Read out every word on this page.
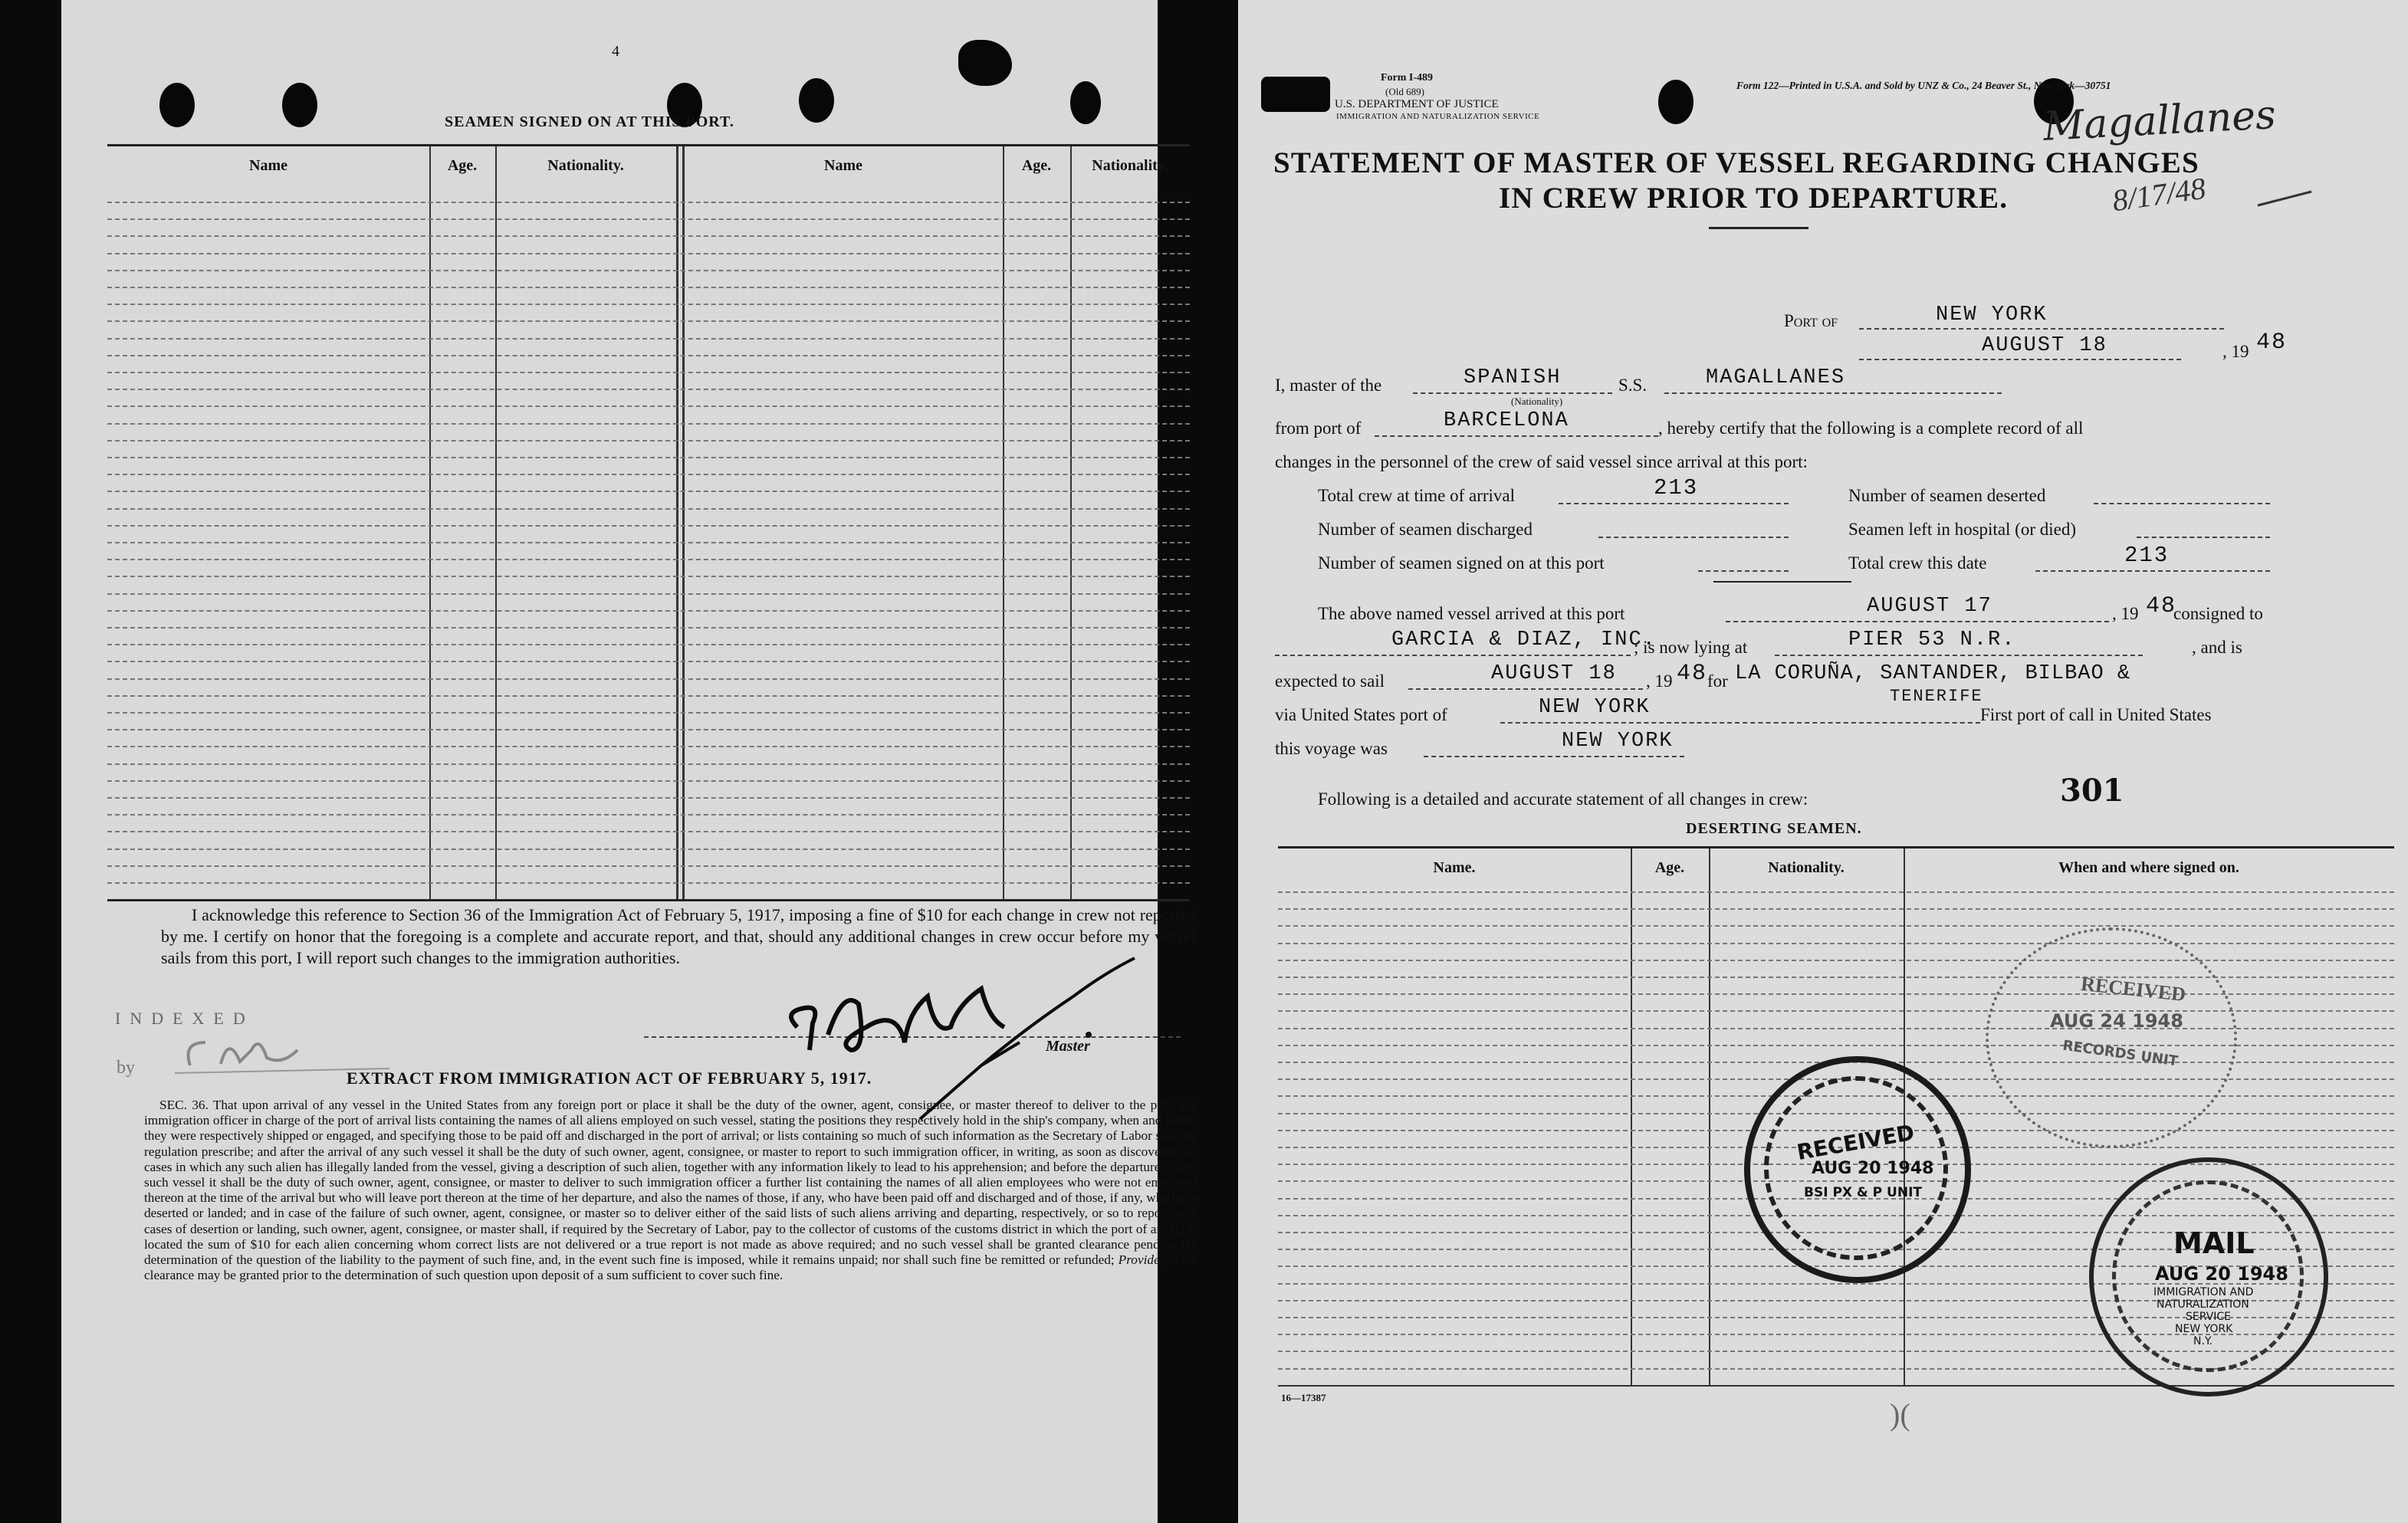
4
SEAMEN SIGNED ON AT THIS PORT.
Name	Age.	Nationality.	Name	Age.	Nationality.

I acknowledge this reference to Section 36 of the Immigration Act of February 5, 1917, imposing a fine of $10 for each change in crew not reported by me. I certify on honor that the foregoing is a complete and accurate report, and that, should any additional changes in crew occur before my vessel sails from this port, I will report such changes to the immigration authorities.

INDEXED
by
Master
EXTRACT FROM IMMIGRATION ACT OF FEBRUARY 5, 1917.

SEC. 36. That upon arrival of any vessel in the United States from any foreign port or place it shall be the duty of the owner, agent, consignee, or master thereof to deliver to the principal immigration officer in charge of the port of arrival lists containing the names of all aliens employed on such vessel, stating the positions they respectively hold in the ship's company, when and where they were respectively shipped or engaged, and specifying those to be paid off and discharged in the port of arrival; or lists containing so much of such information as the Secretary of Labor shall by regulation prescribe; and after the arrival of any such vessel it shall be the duty of such owner, agent, consignee, or master to report to such immigration officer, in writing, as soon as discovered, all cases in which any such alien has illegally landed from the vessel, giving a description of such alien, together with any information likely to lead to his apprehension; and before the departure of any such vessel it shall be the duty of such owner, agent, consignee, or master to deliver to such immigration officer a further list containing the names of all alien employees who were not employed thereon at the time of the arrival but who will leave port thereon at the time of her departure, and also the names of those, if any, who have been paid off and discharged and of those, if any, who have deserted or landed; and in case of the failure of such owner, agent, consignee, or master so to deliver either of the said lists of such aliens arriving and departing, respectively, or so to report such cases of desertion or landing, such owner, agent, consignee, or master shall, if required by the Secretary of Labor, pay to the collector of customs of the customs district in which the port of arrival is located the sum of $10 for each alien concerning whom correct lists are not delivered or a true report is not made as above required; and no such vessel shall be granted clearance pending the determination of the question of the liability to the payment of such fine, and, in the event such fine is imposed, while it remains unpaid; nor shall such fine be remitted or refunded; Provided, That clearance may be granted prior to the determination of such question upon deposit of a sum sufficient to cover such fine.

Form I-489
(Old 689)
U.S. DEPARTMENT OF JUSTICE
IMMIGRATION AND NATURALIZATION SERVICE
Form 122—Printed in U.S.A. and Sold by UNZ & Co., 24 Beaver St., New York—30751
Magallanes
8/17/48
STATEMENT OF MASTER OF VESSEL REGARDING CHANGES
IN CREW PRIOR TO DEPARTURE.
Port of	NEW YORK
AUGUST 18	, 19 48
I, master of the	SPANISH
(Nationality)
S.S.	MAGALLANES
from port of	BARCELONA	, hereby certify that the following is a complete record of all
changes in the personnel of the crew of said vessel since arrival at this port:
Total crew at time of arrival	213	Number of seamen deserted
Number of seamen discharged	Seamen left in hospital (or died)
Number of seamen signed on at this port	Total crew this date	213
The above named vessel arrived at this port	AUGUST 17	, 19 48
consigned to
GARCIA & DIAZ, INC.
; is now lying at	PIER 53 N.R.	, and is
expected to sail	AUGUST 18 , 19 48 for LA CORUÑA, SANTANDER, BILBAO &
TENERIFE
via United States port of	NEW YORK	First port of call in United States
this voyage was	NEW YORK
Following is a detailed and accurate statement of all changes in crew:	301
DESERTING SEAMEN.
Name.	Age.	Nationality.	When and where signed on.
16—17387
RECEIVED
AUG 24 1948
RECORDS UNIT
RECEIVED
AUG 20 1948
BSI PX & P UNIT
MAIL
AUG 20 1948
IMMIGRATION AND
NATURALIZATION
SERVICE
NEW YORK
N.Y.
)(
